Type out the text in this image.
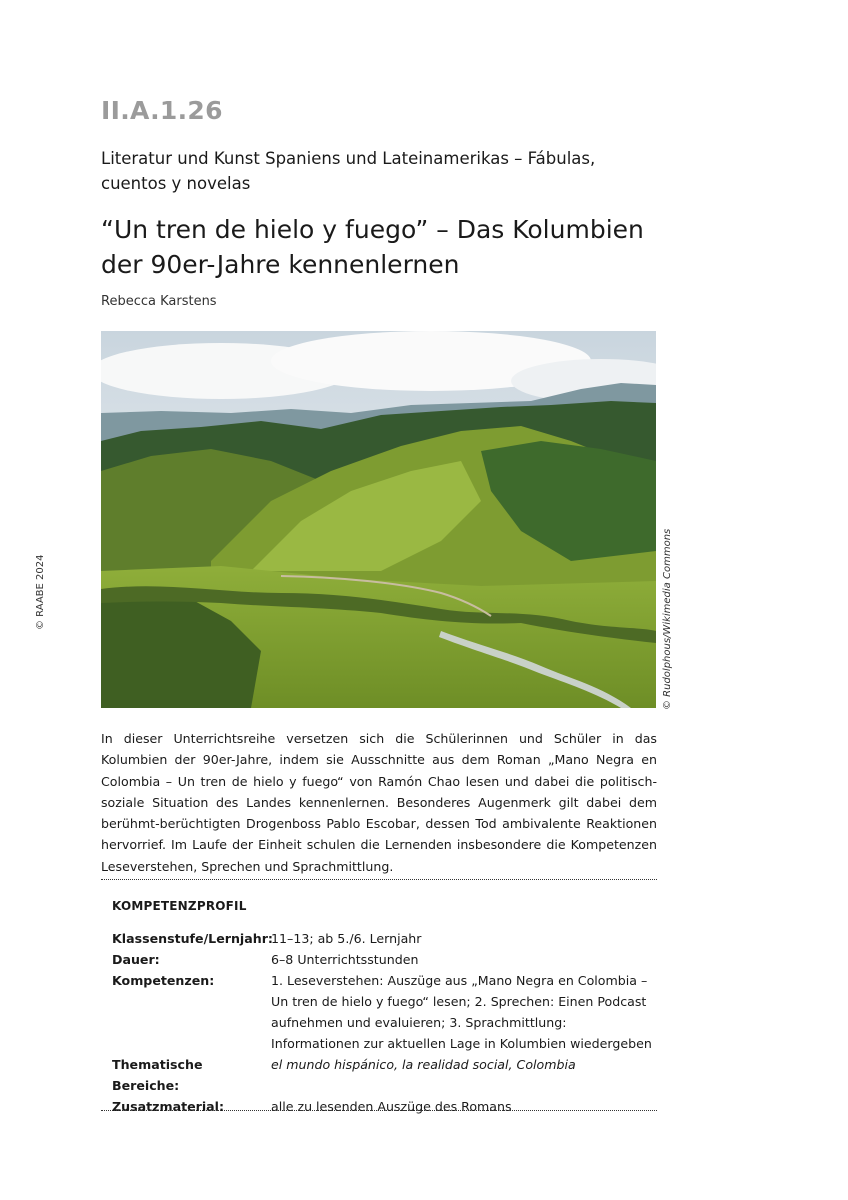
II.A.1.26
Literatur und Kunst Spaniens und Lateinamerikas – Fábulas, cuentos y novelas
“Un tren de hielo y fuego” – Das Kolumbien der 90er-Jahre kennenlernen
Rebecca Karstens
© Rudolphous/Wikimedia Commons
© RAABE 2024

In dieser Unterrichtsreihe versetzen sich die Schülerinnen und Schüler in das Kolumbien der 90er-Jahre, indem sie Ausschnitte aus dem Roman „Mano Negra en Colombia – Un tren de hielo y fuego“ von Ramón Chao lesen und dabei die politisch-soziale Situation des Landes kennenlernen. Besonderes Augenmerk gilt dabei dem berühmt-berüchtigten Drogenboss Pablo Escobar, dessen Tod ambivalente Reaktionen hervorrief. Im Laufe der Einheit schulen die Lernenden insbesondere die Kompetenzen Leseverstehen, Sprechen und Sprachmittlung.

KOMPETENZPROFIL
Klassenstufe/Lernjahr:
11–13; ab 5./6. Lernjahr
Dauer:	6–8 Unterrichtsstunden
Kompetenzen:	1. Leseverstehen: Auszüge aus „Mano Negra en Colombia – Un tren de hielo y fuego“ lesen; 2. Sprechen: Einen Podcast aufnehmen und evaluieren; 3. Sprachmittlung: Informationen zur aktuellen Lage in Kolumbien wiedergeben
Thematische Bereiche:
el mundo hispánico, la realidad social, Colombia
Zusatzmaterial:	alle zu lesenden Auszüge des Romans
